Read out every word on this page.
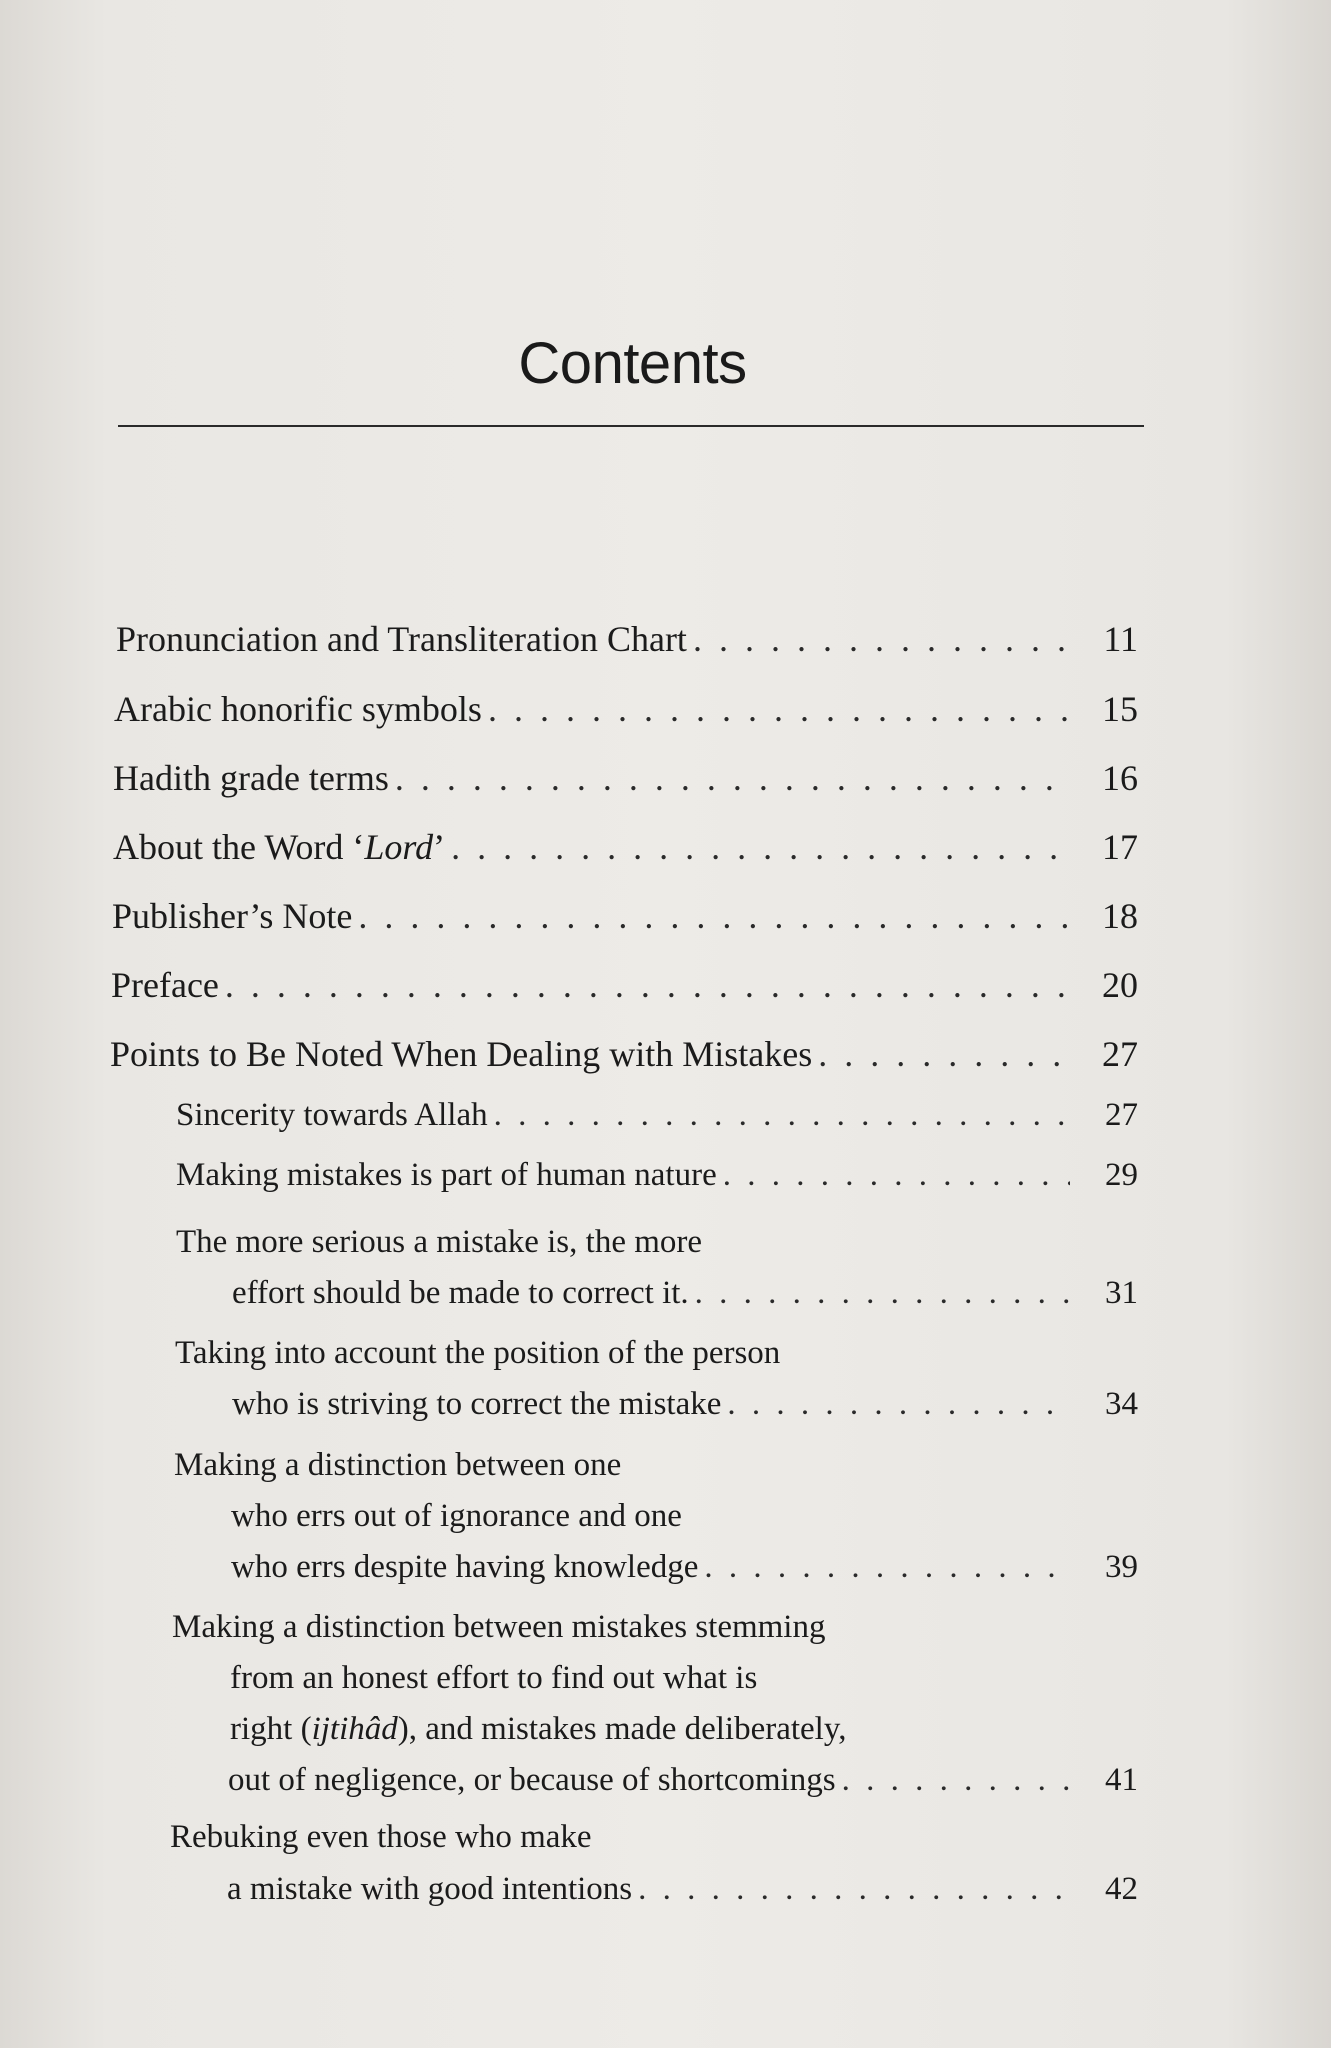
Contents
Pronunciation and Transliteration Chart . . .	11
Arabic honorific symbols . . .	15
Hadith grade terms . . .	16
About the Word ‘Lord’ . . .	17
Publisher’s Note . . .	18
Preface . . .	20
Points to Be Noted When Dealing with Mistakes . . .	27
Sincerity towards Allah . . .	27
Making mistakes is part of human nature . . .	29
The more serious a mistake is, the more
effort should be made to correct it. . . .	31
Taking into account the position of the person
who is striving to correct the mistake . . .	34
Making a distinction between one
who errs out of ignorance and one
who errs despite having knowledge . . .	39
Making a distinction between mistakes stemming
from an honest effort to find out what is
right (ijtihâd), and mistakes made deliberately,
out of negligence, or because of shortcomings . . .	41
Rebuking even those who make
a mistake with good intentions . . .	42
